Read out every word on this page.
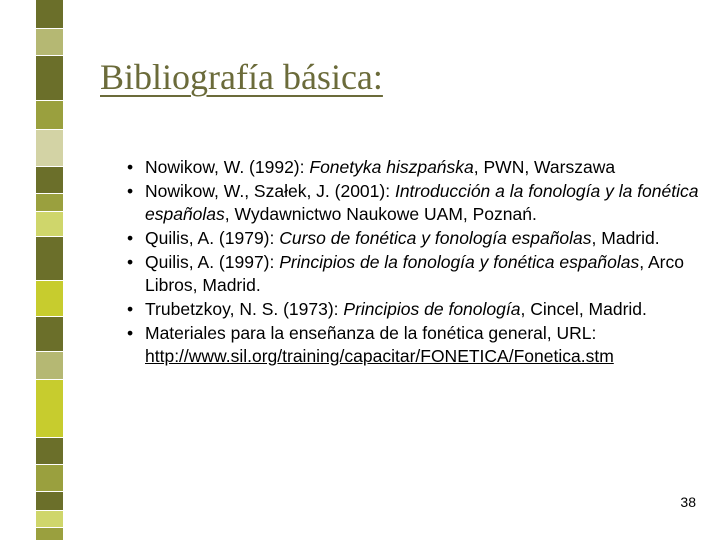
Bibliografía básica:
• Nowikow, W. (1992): Fonetyka hiszpańska, PWN, Warszawa
• Nowikow, W., Szałek, J. (2001): Introducción a la fonología y la fonética españolas, Wydawnictwo Naukowe UAM, Poznań.
• Quilis, A. (1979): Curso de fonética y fonología españolas, Madrid.
• Quilis, A. (1997): Principios de la fonología y fonética españolas, Arco Libros, Madrid.
• Trubetzkoy, N. S. (1973): Principios de fonología, Cincel, Madrid.
• Materiales para la enseñanza de la fonética general, URL: http://www.sil.org/training/capacitar/FONETICA/Fonetica.stm
38
